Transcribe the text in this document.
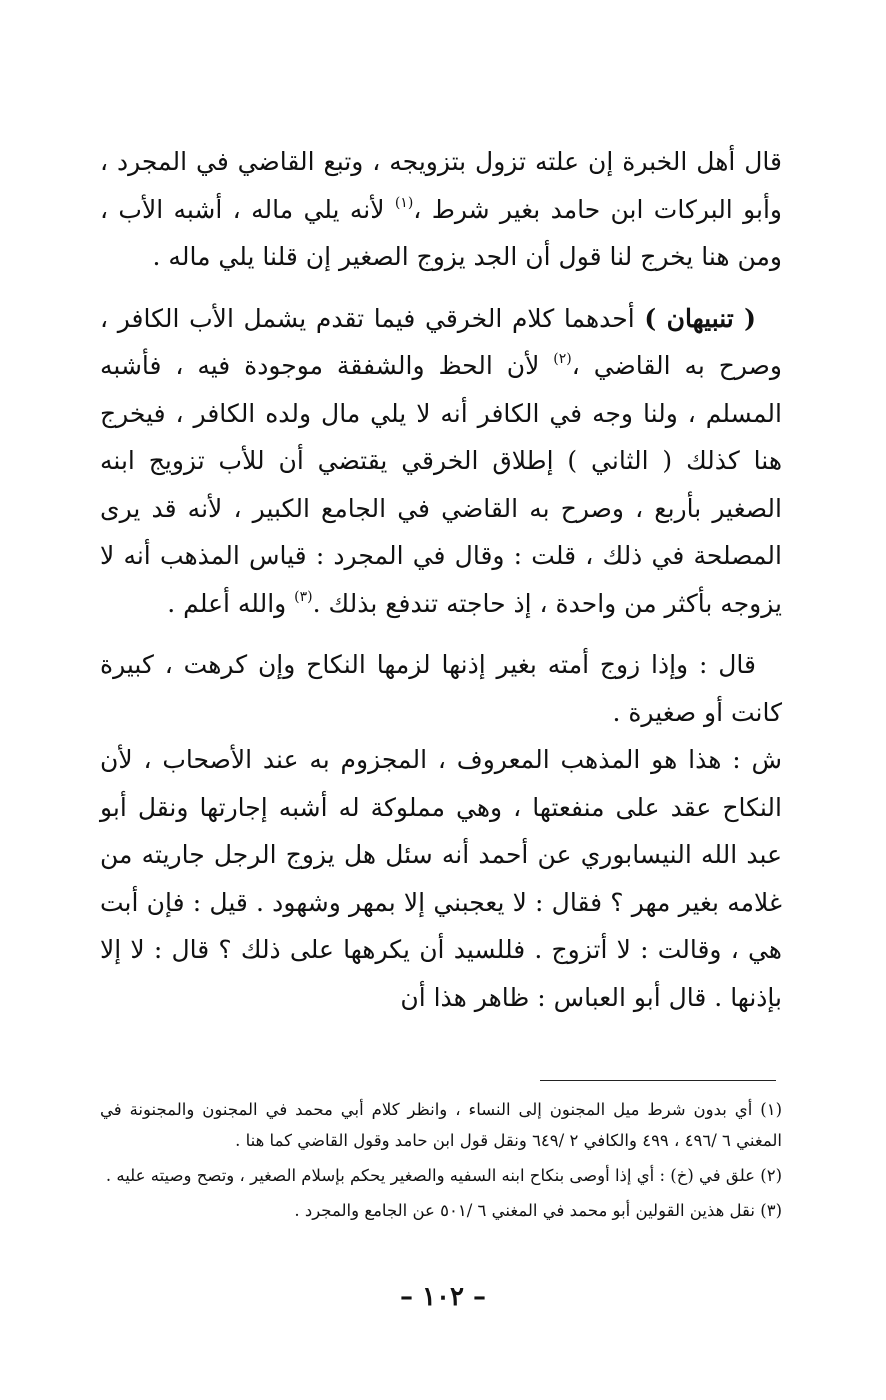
قال أهل الخبرة إن علته تزول بتزويجه ، وتبع القاضي في المجرد ، وأبو البركات ابن حامد بغير شرط ،$^{(١)}$ لأنه يلي ماله ، أشبه الأب ، ومن هنا يخرج لنا قول أن الجد يزوج الصغير إن قلنا يلي ماله .

( تنبيهان ) أحدهما كلام الخرقي فيما تقدم يشمل الأب الكافر ، وصرح به القاضي ،$^{(٢)}$ لأن الحظ والشفقة موجودة فيه ، فأشبه المسلم ، ولنا وجه في الكافر أنه لا يلي مال ولده الكافر ، فيخرج هنا كذلك ( الثاني ) إطلاق الخرقي يقتضي أن للأب تزويج ابنه الصغير بأربع ، وصرح به القاضي في الجامع الكبير ، لأنه قد يرى المصلحة في ذلك ، قلت : وقال في المجرد : قياس المذهب أنه لا يزوجه بأكثر من واحدة ، إذ حاجته تندفع بذلك .$^{(٣)}$ والله أعلم .

قال : وإذا زوج أمته بغير إذنها لزمها النكاح وإن كرهت ، كبيرة كانت أو صغيرة .

ش : هذا هو المذهب المعروف ، المجزوم به عند الأصحاب ، لأن النكاح عقد على منفعتها ، وهي مملوكة له أشبه إجارتها ونقل أبو عبد الله النيسابوري عن أحمد أنه سئل هل يزوج الرجل جاريته من غلامه بغير مهر ؟ فقال : لا يعجبني إلا بمهر وشهود . قيل : فإن أبت هي ، وقالت : لا أتزوج . فللسيد أن يكرهها على ذلك ؟ قال : لا إلا بإذنها . قال أبو العباس : ظاهر هذا أن

(١) أي بدون شرط ميل المجنون إلى النساء ، وانظر كلام أبي محمد في المجنون والمجنونة في المغني ٦ /٤٩٦ ، ٤٩٩ والكافي ٢ /٦٤٩ ونقل قول ابن حامد وقول القاضي كما هنا .

(٢) علق في (خ) : أي إذا أوصى بنكاح ابنه السفيه والصغير يحكم بإسلام الصغير ، وتصح وصيته عليه .

(٣) نقل هذين القولين أبو محمد في المغني ٦ /٥٠١ عن الجامع والمجرد .

– ١٠٢ –
